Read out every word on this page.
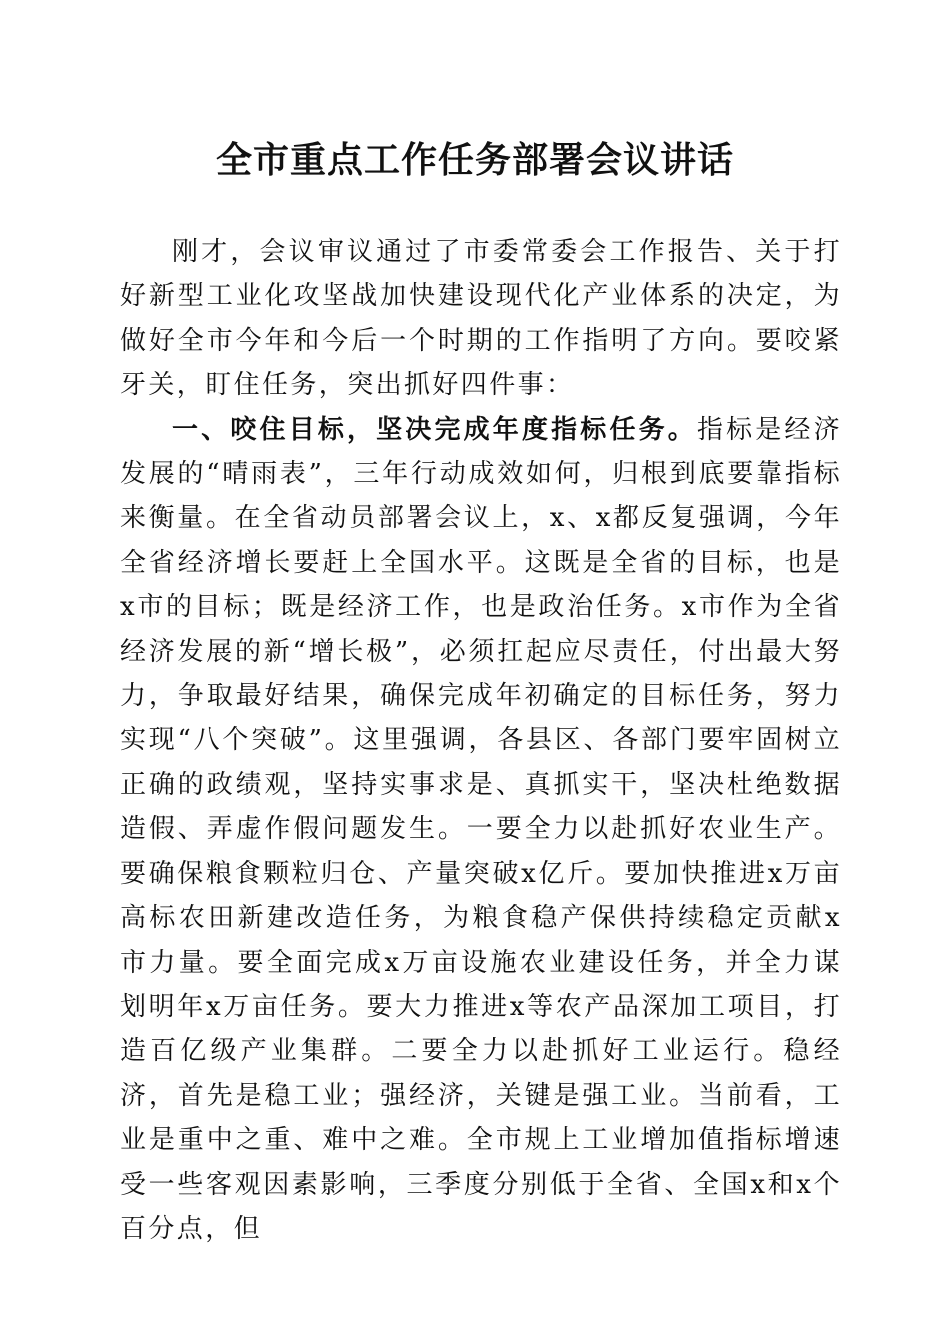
全市重点工作任务部署会议讲话

刚才，会议审议通过了市委常委会工作报告、关于打好新型工业化攻坚战加快建设现代化产业体系的决定，为做好全市今年和今后一个时期的工作指明了方向。要咬紧牙关，盯住任务，突出抓好四件事：

一、咬住目标，坚决完成年度指标任务。指标是经济发展的“晴雨表”，三年行动成效如何，归根到底要靠指标来衡量。在全省动员部署会议上，x、x都反复强调，今年全省经济增长要赶上全国水平。这既是全省的目标，也是x市的目标；既是经济工作，也是政治任务。x市作为全省经济发展的新“增长极”，必须扛起应尽责任，付出最大努力，争取最好结果，确保完成年初确定的目标任务，努力实现“八个突破”。这里强调，各县区、各部门要牢固树立正确的政绩观，坚持实事求是、真抓实干，坚决杜绝数据造假、弄虚作假问题发生。一要全力以赴抓好农业生产。要确保粮食颗粒归仓、产量突破x亿斤。要加快推进x万亩高标农田新建改造任务，为粮食稳产保供持续稳定贡献x市力量。要全面完成x万亩设施农业建设任务，并全力谋划明年x万亩任务。要大力推进x等农产品深加工项目，打造百亿级产业集群。二要全力以赴抓好工业运行。稳经济，首先是稳工业；强经济，关键是强工业。当前看，工业是重中之重、难中之难。全市规上工业增加值指标增速受一些客观因素影响，三季度分别低于全省、全国x和x个百分点，但
